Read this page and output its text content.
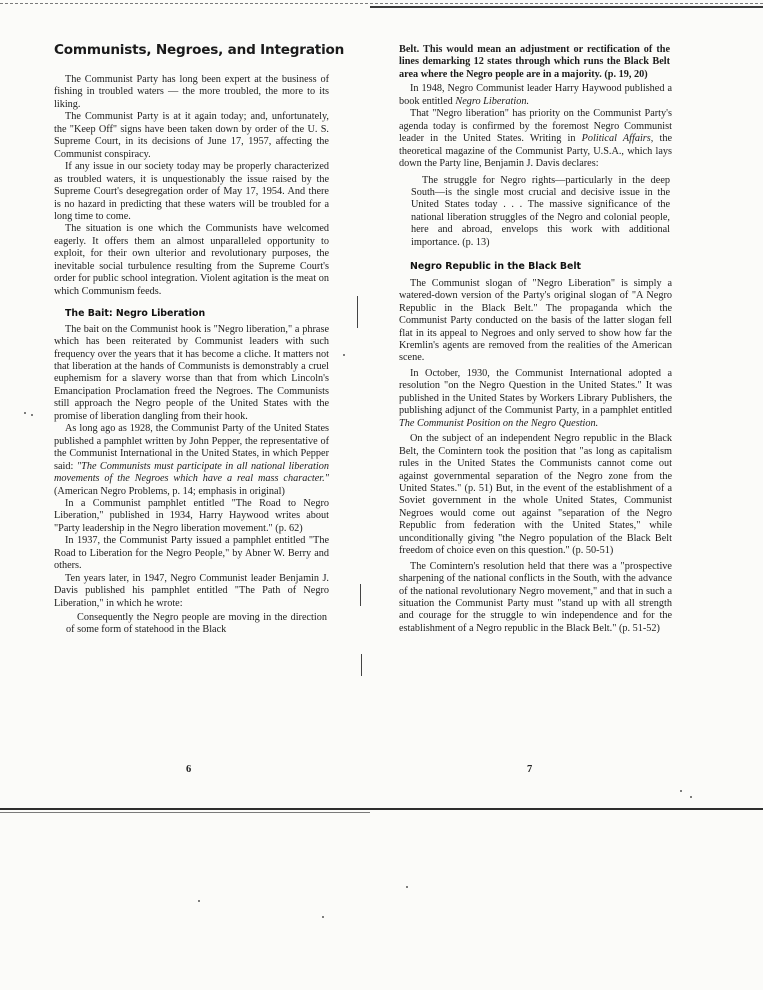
Communists, Negroes, and Integration

The Communist Party has long been expert at the business of fishing in troubled waters — the more troubled, the more to its liking.

The Communist Party is at it again today; and, unfortunately, the "Keep Off" signs have been taken down by order of the U. S. Supreme Court, in its decisions of June 17, 1957, affecting the Communist conspiracy.

If any issue in our society today may be properly characterized as troubled waters, it is unquestionably the issue raised by the Supreme Court's desegregation order of May 17, 1954. And there is no hazard in predicting that these waters will be troubled for a long time to come.

The situation is one which the Communists have welcomed eagerly. It offers them an almost unparalleled opportunity to exploit, for their own ulterior and revolutionary purposes, the inevitable social turbulence resulting from the Supreme Court's order for public school integration. Violent agitation is the meat on which Communism feeds.

The Bait: Negro Liberation

The bait on the Communist hook is "Negro liberation," a phrase which has been reiterated by Communist leaders with such frequency over the years that it has become a cliche. It matters not that liberation at the hands of Communists is demonstrably a cruel euphemism for a slavery worse than that from which Lincoln's Emancipation Proclamation freed the Negroes. The Communists still approach the Negro people of the United States with the promise of liberation dangling from their hook.

As long ago as 1928, the Communist Party of the United States published a pamphlet written by John Pepper, the representative of the Communist International in the United States, in which Pepper said: "The Communists must participate in all national liberation movements of the Negroes which have a real mass character." (American Negro Problems, p. 14; emphasis in original)

In a Communist pamphlet entitled "The Road to Negro Liberation," published in 1934, Harry Haywood writes about "Party leadership in the Negro liberation movement." (p. 62)

In 1937, the Communist Party issued a pamphlet entitled "The Road to Liberation for the Negro People," by Abner W. Berry and others.

Ten years later, in 1947, Negro Communist leader Benjamin J. Davis published his pamphlet entitled "The Path of Negro Liberation," in which he wrote:

Consequently the Negro people are moving in the direction of some form of statehood in the Black

6

Belt. This would mean an adjustment or rectification of the lines demarking 12 states through which runs the Black Belt area where the Negro people are in a majority. (p. 19, 20)

In 1948, Negro Communist leader Harry Haywood published a book entitled Negro Liberation.

That "Negro liberation" has priority on the Communist Party's agenda today is confirmed by the foremost Negro Communist leader in the United States. Writing in Political Affairs, the theoretical magazine of the Communist Party, U.S.A., which lays down the Party line, Benjamin J. Davis declares:

The struggle for Negro rights—particularly in the deep South—is the single most crucial and decisive issue in the United States today . . . The massive significance of the national liberation struggles of the Negro and colonial people, here and abroad, envelops this work with additional importance. (p. 13)

Negro Republic in the Black Belt

The Communist slogan of "Negro Liberation" is simply a watered-down version of the Party's original slogan of "A Negro Republic in the Black Belt." The propaganda which the Communist Party conducted on the basis of the latter slogan fell flat in its appeal to Negroes and only served to show how far the Kremlin's agents are removed from the realities of the American scene.

In October, 1930, the Communist International adopted a resolution "on the Negro Question in the United States." It was published in the United States by Workers Library Publishers, the publishing adjunct of the Communist Party, in a pamphlet entitled The Communist Position on the Negro Question.

On the subject of an independent Negro republic in the Black Belt, the Comintern took the position that "as long as capitalism rules in the United States the Communists cannot come out against governmental separation of the Negro zone from the United States." (p. 51) But, in the event of the establishment of a Soviet government in the whole United States, Communist Negroes would come out against "separation of the Negro Republic from federation with the United States," while unconditionally giving "the Negro population of the Black Belt freedom of choice even on this question." (p. 50-51)

The Comintern's resolution held that there was a "prospective sharpening of the national conflicts in the South, with the advance of the national revolutionary Negro movement," and that in such a situation the Communist Party must "stand up with all strength and courage for the struggle to win independence and for the establishment of a Negro republic in the Black Belt." (p. 51-52)

7
